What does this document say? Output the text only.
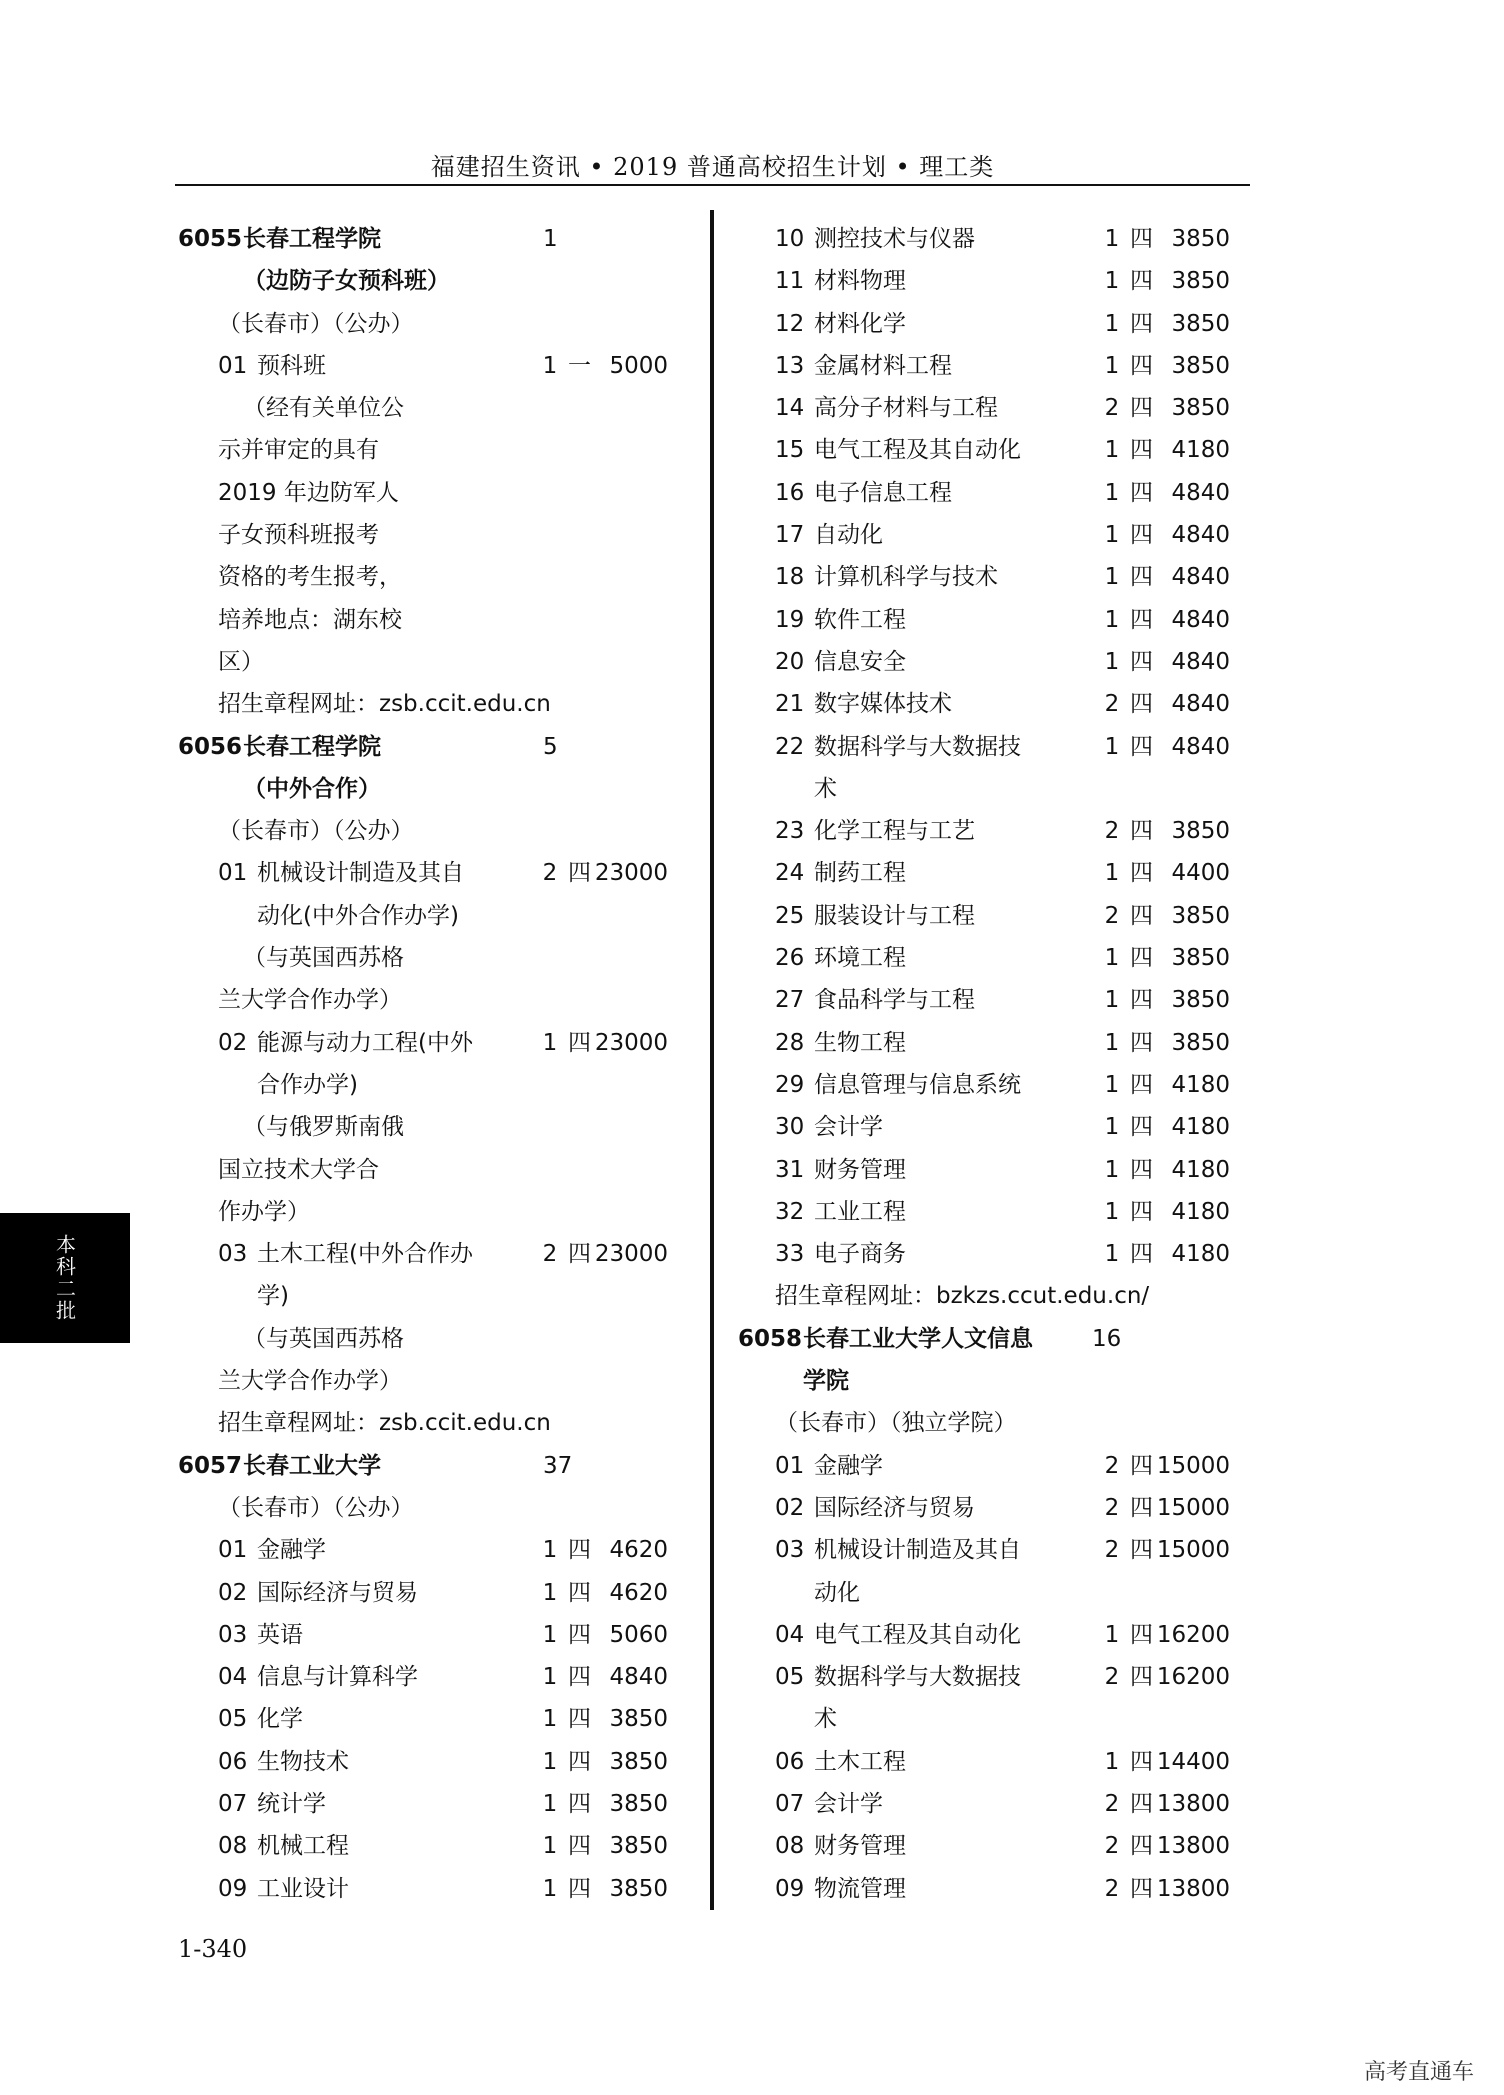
福建招生资讯 • 2019 普通高校招生计划 • 理工类
6055 长春工程学院	1
（边防子女预科班）
（长春市）（公办）
01 预科班	1 一 5000
（经有关单位公
示并审定的具有
2019 年边防军人
子女预科班报考
资格的考生报考，
培养地点：湖东校
区）
招生章程网址：zsb.ccit.edu.cn
6056 长春工程学院	5
（中外合作）
（长春市）（公办）
01 机械设计制造及其自	2 四 23000
动化(中外合作办学)
（与英国西苏格
兰大学合作办学）
02 能源与动力工程(中外	1 四 23000
合作办学)
（与俄罗斯南俄
国立技术大学合
作办学）
03 土木工程(中外合作办	2 四 23000
学)
（与英国西苏格
兰大学合作办学）
招生章程网址：zsb.ccit.edu.cn
6057 长春工业大学	37
（长春市）（公办）
01 金融学	1 四 4620
02 国际经济与贸易	1 四 4620
03 英语	1 四 5060
04 信息与计算科学	1 四 4840
05 化学	1 四 3850
06 生物技术	1 四 3850
07 统计学	1 四 3850
08 机械工程	1 四 3850
09 工业设计	1 四 3850
10 测控技术与仪器	1 四 3850
11 材料物理	1 四 3850
12 材料化学	1 四 3850
13 金属材料工程	1 四 3850
14 高分子材料与工程	2 四 3850
15 电气工程及其自动化	1 四 4180
16 电子信息工程	1 四 4840
17 自动化	1 四 4840
18 计算机科学与技术	1 四 4840
19 软件工程	1 四 4840
20 信息安全	1 四 4840
21 数字媒体技术	2 四 4840
22 数据科学与大数据技	1 四 4840
术
23 化学工程与工艺	2 四 3850
24 制药工程	1 四 4400
25 服装设计与工程	2 四 3850
26 环境工程	1 四 3850
27 食品科学与工程	1 四 3850
28 生物工程	1 四 3850
29 信息管理与信息系统	1 四 4180
30 会计学	1 四 4180
31 财务管理	1 四 4180
32 工业工程	1 四 4180
33 电子商务	1 四 4180
招生章程网址：bzkzs.ccut.edu.cn/
6058 长春工业大学人文信息	16
学院
（长春市）（独立学院）
01 金融学	2 四 15000
02 国际经济与贸易	2 四 15000
03 机械设计制造及其自	2 四 15000
动化
04 电气工程及其自动化	1 四 16200
05 数据科学与大数据技	2 四 16200
术
06 土木工程	1 四 14400
07 会计学	2 四 13800
08 财务管理	2 四 13800
09 物流管理	2 四 13800
本科二批
1-340
高考直通车
